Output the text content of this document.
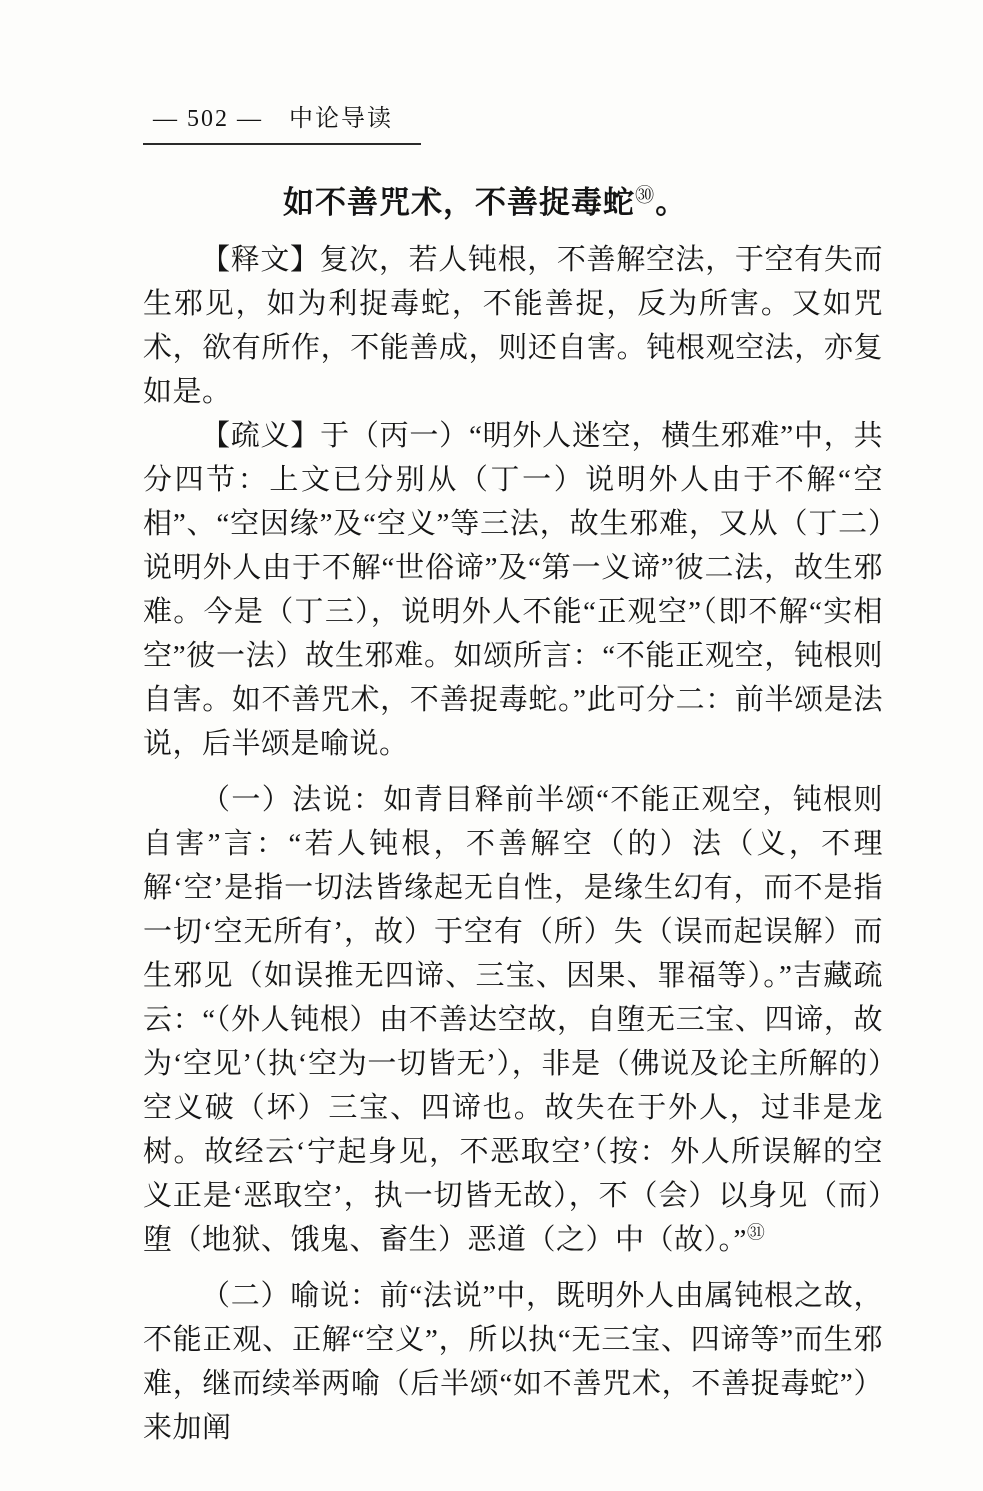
— 502 — 中论导读
如不善咒术，不善捉毒蛇$^㉚$。

【释文】复次，若人钝根，不善解空法，于空有失而生邪见，如为利捉毒蛇，不能善捉，反为所害。又如咒术，欲有所作，不能善成，则还自害。钝根观空法，亦复如是。

【疏义】于（丙一）“明外人迷空，横生邪难”中，共分四节：上文已分别从（丁一）说明外人由于不解“空相”、“空因缘”及“空义”等三法，故生邪难，又从（丁二）说明外人由于不解“世俗谛”及“第一义谛”彼二法，故生邪难。今是（丁三），说明外人不能“正观空”（即不解“实相空”彼一法）故生邪难。如颂所言：“不能正观空，钝根则自害。如不善咒术，不善捉毒蛇。”此可分二：前半颂是法说，后半颂是喻说。

（一）法说：如青目释前半颂“不能正观空，钝根则自害”言：“若人钝根，不善解空（的）法（义，不理解‘空’是指一切法皆缘起无自性，是缘生幻有，而不是指一切‘空无所有’，故）于空有（所）失（误而起误解）而生邪见（如误推无四谛、三宝、因果、罪福等）。”吉藏疏云：“（外人钝根）由不善达空故，自堕无三宝、四谛，故为‘空见’（执‘空为一切皆无’），非是（佛说及论主所解的）空义破（坏）三宝、四谛也。故失在于外人，过非是龙树。故经云‘宁起身见，不恶取空’（按：外人所误解的空义正是‘恶取空’，执一切皆无故），不（会）以身见（而）堕（地狱、饿鬼、畜生）恶道（之）中（故）。”$^㉛$

（二）喻说：前“法说”中，既明外人由属钝根之故，不能正观、正解“空义”，所以执“无三宝、四谛等”而生邪难，继而续举两喻（后半颂“如不善咒术，不善捉毒蛇”）来加阐
